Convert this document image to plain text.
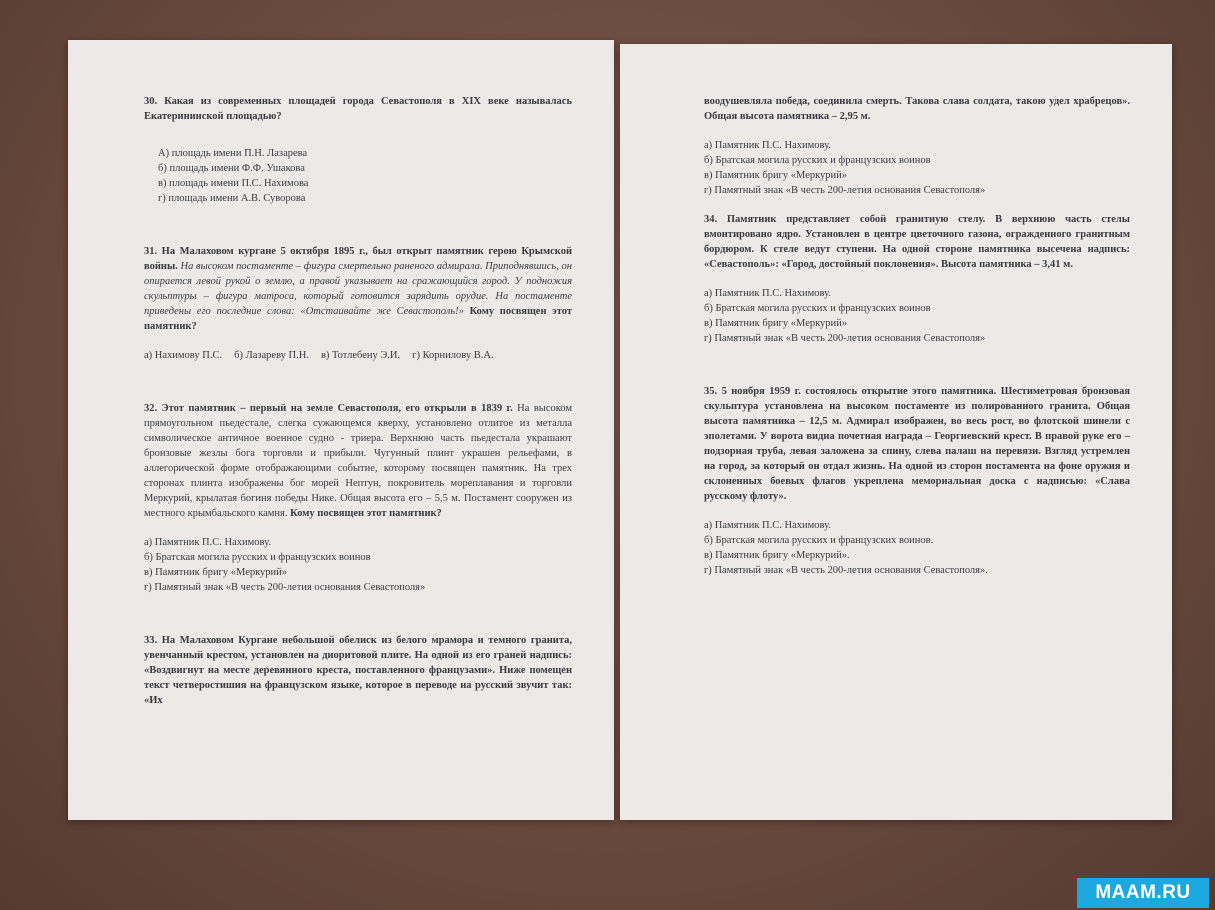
30. Какая из современных площадей города Севастополя в XIX веке называлась Екатерининской площадью?

А) площадь имени П.Н. Лазарева
б) площадь имени Ф.Ф. Ушакова
в) площадь имени П.С. Нахимова
г) площадь имени А.В. Суворова

31. На Малаховом кургане 5 октября 1895 г., был открыт памятник герою Крымской войны. На высоком постаменте – фигура смертельно раненого адмирала. Приподнявшись, он опирается левой рукой о землю, а правой указывает на сражающийся город. У подножия скульптуры – фигура матроса, который готовится зарядить орудие. На постаменте приведены его последние слова: «Отстаивайте же Севастополь!» Кому посвящен этот памятник?

а) Нахимову П.С. б) Лазареву П.Н. в) Тотлебену Э.И. г) Корнилову В.А.

32. Этот памятник – первый на земле Севастополя, его открыли в 1839 г. На высоком прямоугольном пьедестале, слегка сужающемся кверху, установлено отлитое из металла символическое античное военное судно - триера. Верхнюю часть пьедестала украшают бронзовые жезлы бога торговли и прибыли. Чугунный плинт украшен рельефами, в аллегорической форме отображающими событие, которому посвящен памятник. На трех сторонах плинта изображены бог морей Нептун, покровитель мореплавания и торговли Меркурий, крылатая богиня победы Нике. Общая высота его – 5,5 м. Постамент сооружен из местного крымбальского камня. Кому посвящен этот памятник?

а) Памятник П.С. Нахимову.
б) Братская могила русских и французских воинов
в) Памятник бригу «Меркурий»
г) Памятный знак «В честь 200-летия основания Севастополя»

33. На Малаховом Кургане небольшой обелиск из белого мрамора и темного гранита, увенчанный крестом, установлен на диоритовой плите. На одной из его граней надпись: «Воздвигнут на месте деревянного креста, поставленного французами». Ниже помещен текст четверостишия на французском языке, которое в переводе на русский звучит так: «Их

воодушевляла победа, соединила смерть. Такова слава солдата, такою удел храбрецов». Общая высота памятника – 2,95 м.

а) Памятник П.С. Нахимову.
б) Братская могила русских и французских воинов
в) Памятник бригу «Меркурий»
г) Памятный знак «В честь 200-летия основания Севастополя»

34. Памятник представляет собой гранитную стелу. В верхнюю часть стелы вмонтировано ядро. Установлен в центре цветочного газона, огражденного гранитным бордюром. К стеле ведут ступени. На одной стороне памятника высечена надпись: «Севастополь»: «Город, достойный поклонения». Высота памятника – 3,41 м.

а) Памятник П.С. Нахимову.
б) Братская могила русских и французских воинов
в) Памятник бригу «Меркурий»
г) Памятный знак «В честь 200-летия основания Севастополя»

35. 5 ноября 1959 г. состоялось открытие этого памятника. Шестиметровая бронзовая скульптура установлена на высоком постаменте из полированного гранита. Общая высота памятника – 12,5 м. Адмирал изображен, во весь рост, во флотской шинели с эполетами. У ворота видна почетная награда – Георгиевский крест. В правой руке его – подзорная труба, левая заложена за спину, слева палаш на перевязи. Взгляд устремлен на город, за который он отдал жизнь. На одной из сторон постамента на фоне оружия и склоненных боевых флагов укреплена мемориальная доска с надписью: «Слава русскому флоту».

а) Памятник П.С. Нахимову.
б) Братская могила русских и французских воинов.
в) Памятник бригу «Меркурий».
г) Памятный знак «В честь 200-летия основания Севастополя».
MAAM.RU
